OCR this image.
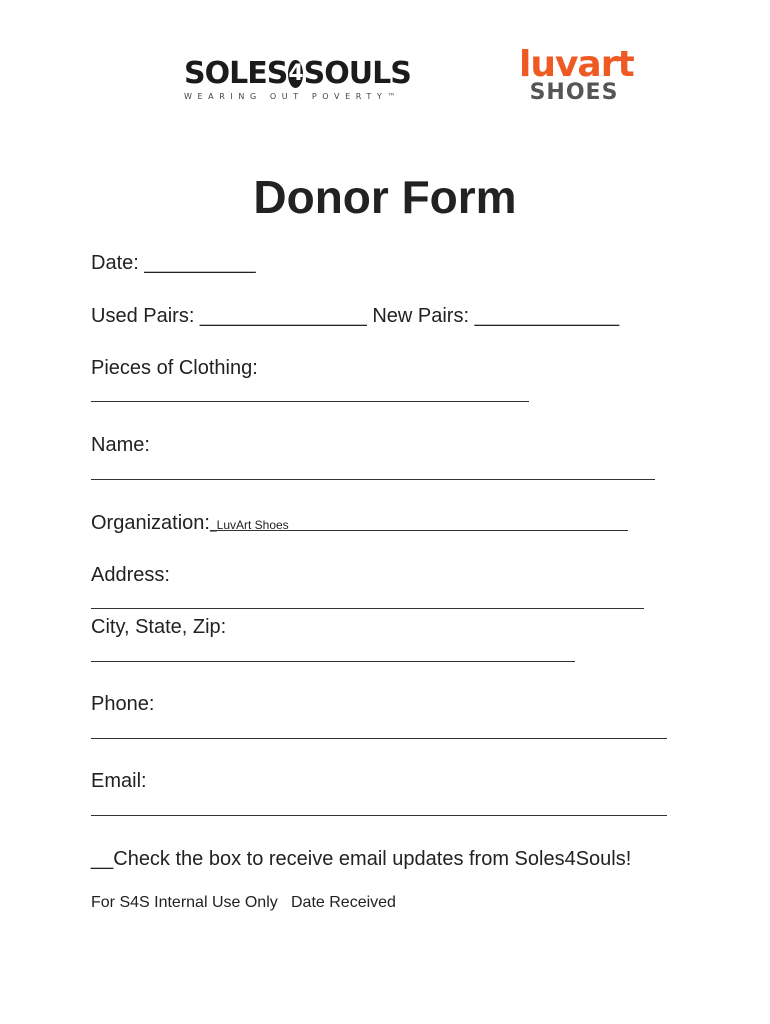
SOLES 4 SOULS
WEARING OUT POVERTY™
luvart
SHOES
Donor Form
Date: __________
Used Pairs: _______________ New Pairs: _____________
Pieces of Clothing:
Name:
Organization:_LuvArt Shoes
Address:
City, State, Zip:
Phone:
Email:
__Check the box to receive email updates from Soles4Souls!
For S4S Internal Use Only Date Received
